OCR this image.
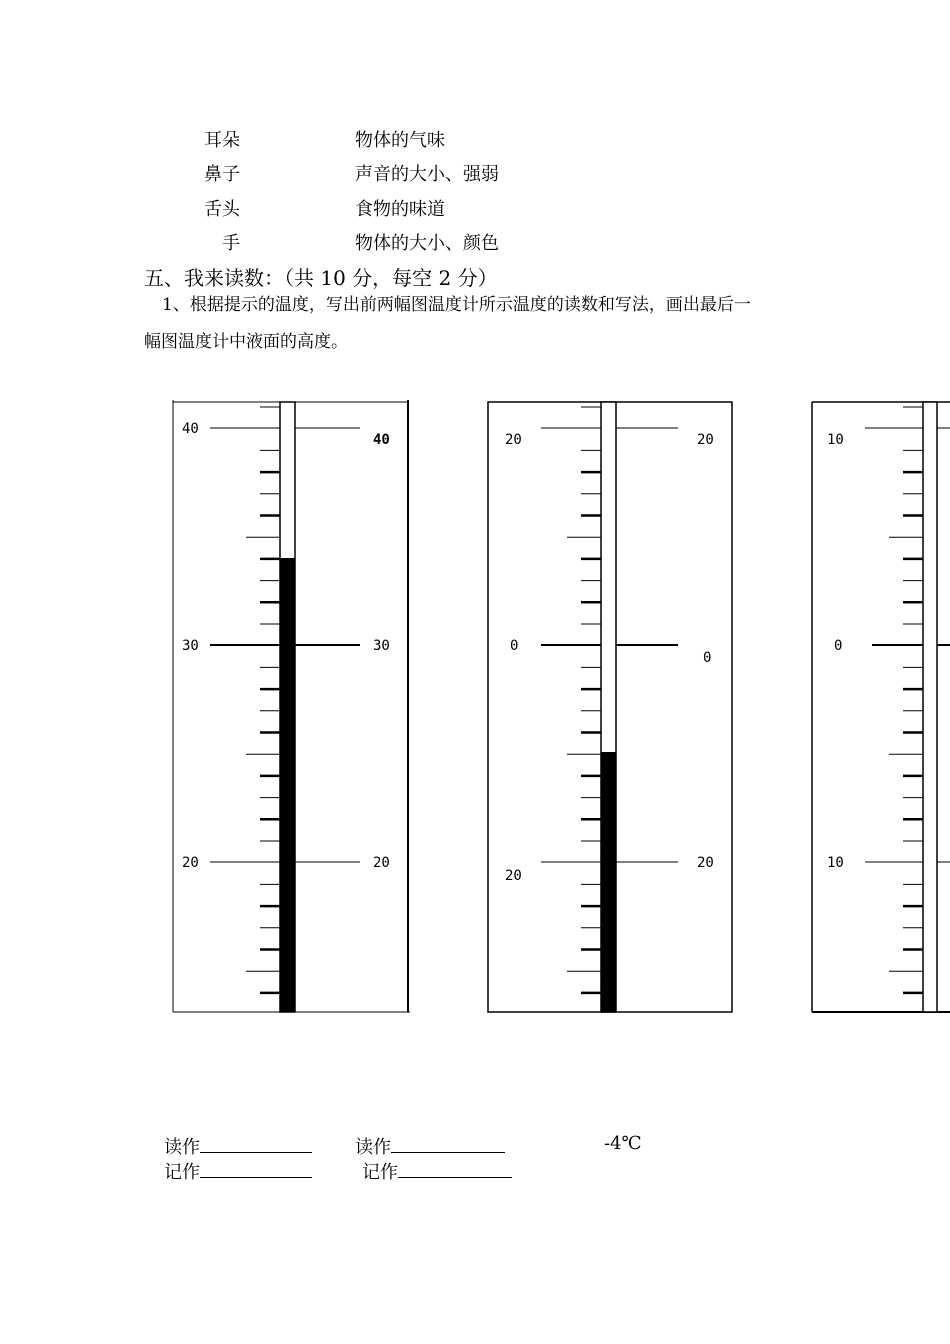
耳朵	物体的气味
鼻子	声音的大小、强弱
舌头	食物的味道
手	物体的大小、颜色
五、我来读数：（共 10 分，每空 2 分）
1、根据提示的温度，写出前两幅图温度计所示温度的读数和写法，画出最后一
幅图温度计中液面的高度。
40
30
20
40
30
20
20
0
20
20
0
20
10
0
10
读作
记作
读作
记作
-4℃
